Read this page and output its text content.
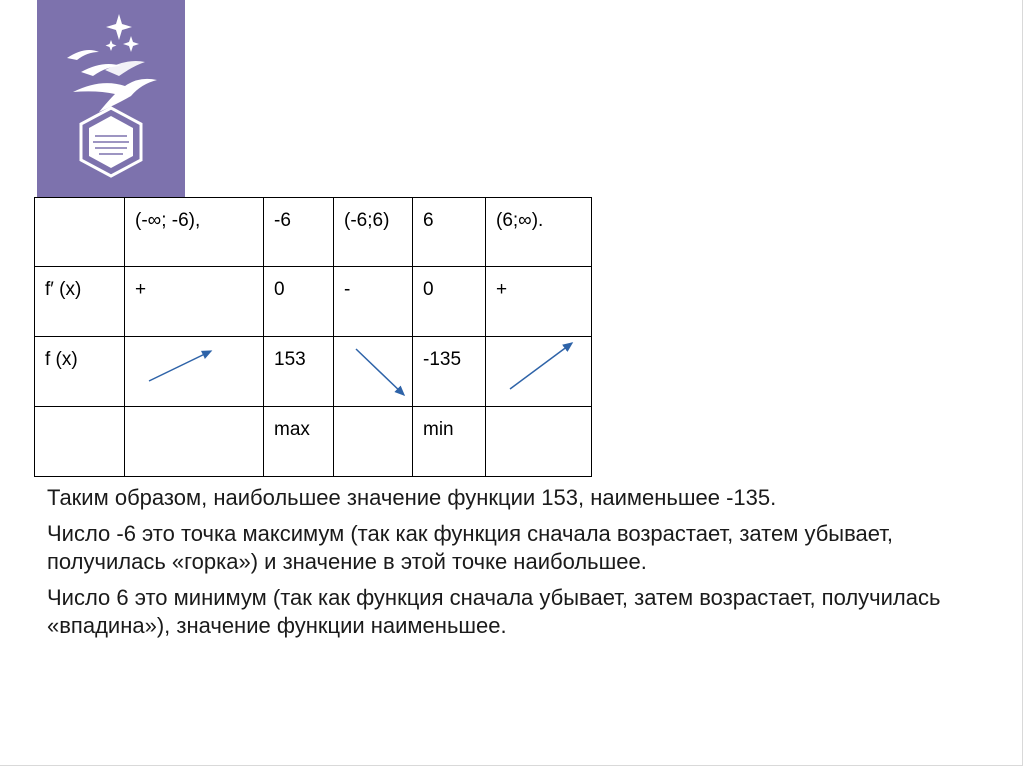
	(-∞; -6),	-6	(-6;6)	6	(6;∞).
f′ (x)	+	0	-	0	+
f (x)		153		-135	

		max		min	

Таким образом, наибольшее значение функции 153, наименьшее -135.

Число -6 это точка максимум (так как функция сначала возрастает, затем убывает, получилась «горка») и значение в этой точке наибольшее.

Число 6 это минимум (так как функция сначала убывает, затем возрастает, получилась «впадина»), значение функции наименьшее.
